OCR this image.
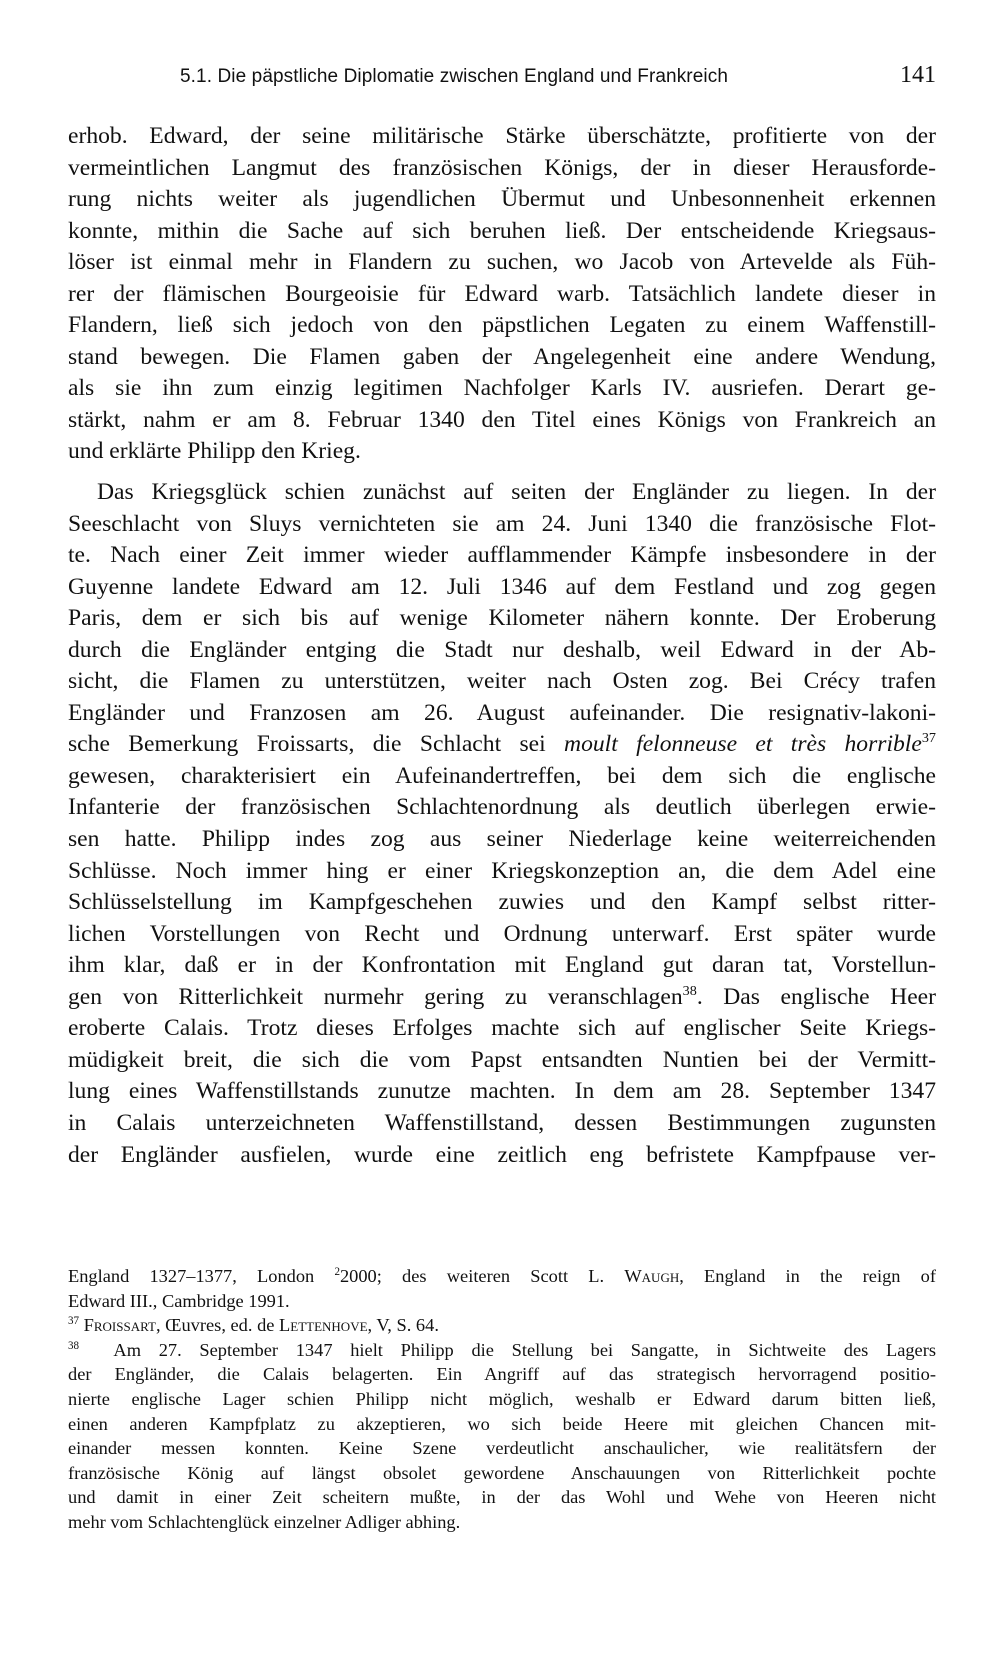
5.1. Die päpstliche Diplomatie zwischen England und Frankreich	141
erhob. Edward, der seine militärische Stärke überschätzte, profitierte von der
vermeintlichen Langmut des französischen Königs, der in dieser Herausforde-
rung nichts weiter als jugendlichen Übermut und Unbesonnenheit erkennen
konnte, mithin die Sache auf sich beruhen ließ. Der entscheidende Kriegsaus-
löser ist einmal mehr in Flandern zu suchen, wo Jacob von Artevelde als Füh-
rer der flämischen Bourgeoisie für Edward warb. Tatsächlich landete dieser in
Flandern, ließ sich jedoch von den päpstlichen Legaten zu einem Waffenstill-
stand bewegen. Die Flamen gaben der Angelegenheit eine andere Wendung,
als sie ihn zum einzig legitimen Nachfolger Karls IV. ausriefen. Derart ge-
stärkt, nahm er am 8. Februar 1340 den Titel eines Königs von Frankreich an
und erklärte Philipp den Krieg.
Das Kriegsglück schien zunächst auf seiten der Engländer zu liegen. In der
Seeschlacht von Sluys vernichteten sie am 24. Juni 1340 die französische Flot-
te. Nach einer Zeit immer wieder aufflammender Kämpfe insbesondere in der
Guyenne landete Edward am 12. Juli 1346 auf dem Festland und zog gegen
Paris, dem er sich bis auf wenige Kilometer nähern konnte. Der Eroberung
durch die Engländer entging die Stadt nur deshalb, weil Edward in der Ab-
sicht, die Flamen zu unterstützen, weiter nach Osten zog. Bei Crécy trafen
Engländer und Franzosen am 26. August aufeinander. Die resignativ-lakoni-
sche Bemerkung Froissarts, die Schlacht sei moult felonneuse et très horrible$^{37}$
gewesen, charakterisiert ein Aufeinandertreffen, bei dem sich die englische
Infanterie der französischen Schlachtenordnung als deutlich überlegen erwie-
sen hatte. Philipp indes zog aus seiner Niederlage keine weiterreichenden
Schlüsse. Noch immer hing er einer Kriegskonzeption an, die dem Adel eine
Schlüsselstellung im Kampfgeschehen zuwies und den Kampf selbst ritter-
lichen Vorstellungen von Recht und Ordnung unterwarf. Erst später wurde
ihm klar, daß er in der Konfrontation mit England gut daran tat, Vorstellun-
gen von Ritterlichkeit nurmehr gering zu veranschlagen$^{38}$. Das englische Heer
eroberte Calais. Trotz dieses Erfolges machte sich auf englischer Seite Kriegs-
müdigkeit breit, die sich die vom Papst entsandten Nuntien bei der Vermitt-
lung eines Waffenstillstands zunutze machten. In dem am 28. September 1347
in Calais unterzeichneten Waffenstillstand, dessen Bestimmungen zugunsten
der Engländer ausfielen, wurde eine zeitlich eng befristete Kampfpause ver-
England 1327–1377, London $^2$2000; des weiteren Scott L. Waugh, England in the reign of
Edward III., Cambridge 1991.
$^{37}$ Froissart, Œuvres, ed. de Lettenhove, V, S. 64.
$^{38}$ Am 27. September 1347 hielt Philipp die Stellung bei Sangatte, in Sichtweite des Lagers
der Engländer, die Calais belagerten. Ein Angriff auf das strategisch hervorragend positio-
nierte englische Lager schien Philipp nicht möglich, weshalb er Edward darum bitten ließ,
einen anderen Kampfplatz zu akzeptieren, wo sich beide Heere mit gleichen Chancen mit-
einander messen konnten. Keine Szene verdeutlicht anschaulicher, wie realitätsfern der
französische König auf längst obsolet gewordene Anschauungen von Ritterlichkeit pochte
und damit in einer Zeit scheitern mußte, in der das Wohl und Wehe von Heeren nicht
mehr vom Schlachtenglück einzelner Adliger abhing.
